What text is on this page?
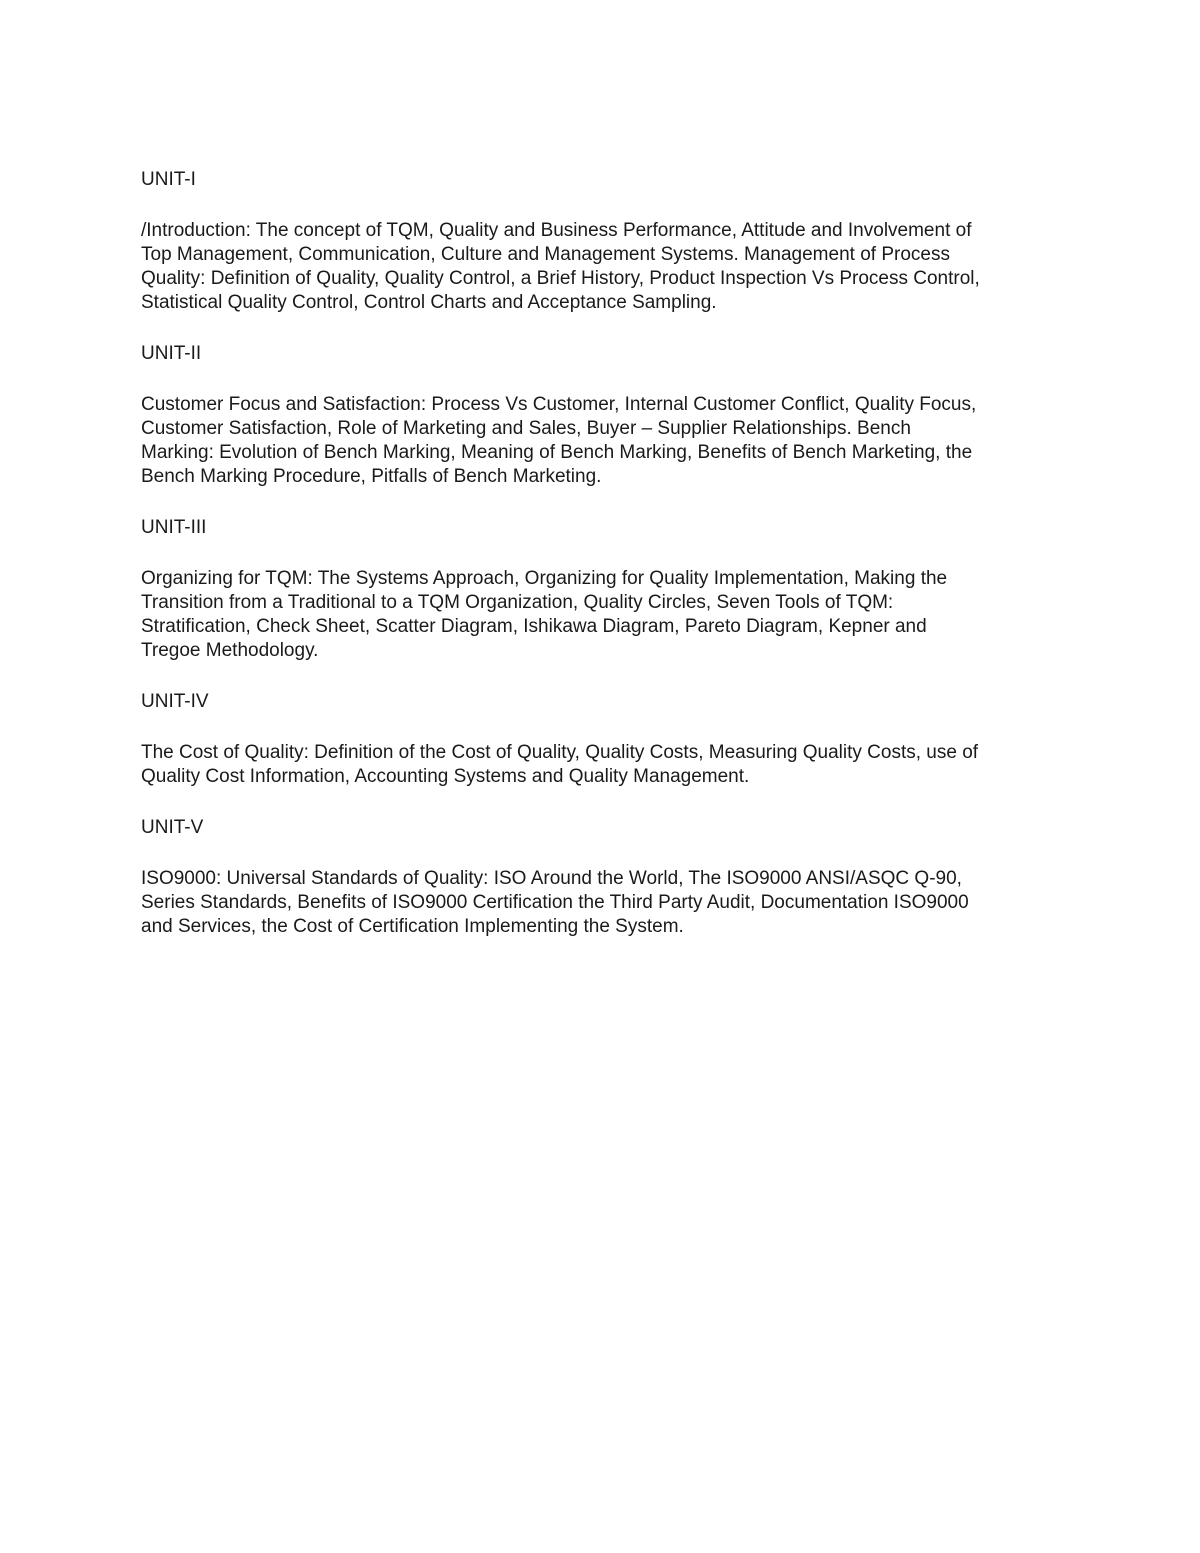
UNIT-I
/Introduction: The concept of TQM, Quality and Business Performance, Attitude and Involvement of
Top Management, Communication, Culture and Management Systems. Management of Process
Quality: Definition of Quality, Quality Control, a Brief History, Product Inspection Vs Process Control,
Statistical Quality Control, Control Charts and Acceptance Sampling.
UNIT-II
Customer Focus and Satisfaction: Process Vs Customer, Internal Customer Conflict, Quality Focus,
Customer Satisfaction, Role of Marketing and Sales, Buyer – Supplier Relationships. Bench
Marking: Evolution of Bench Marking, Meaning of Bench Marking, Benefits of Bench Marketing, the
Bench Marking Procedure, Pitfalls of Bench Marketing.
UNIT-III
Organizing for TQM: The Systems Approach, Organizing for Quality Implementation, Making the
Transition from a Traditional to a TQM Organization, Quality Circles, Seven Tools of TQM:
Stratification, Check Sheet, Scatter Diagram, Ishikawa Diagram, Pareto Diagram, Kepner and
Tregoe Methodology.
UNIT-IV
The Cost of Quality: Definition of the Cost of Quality, Quality Costs, Measuring Quality Costs, use of
Quality Cost Information, Accounting Systems and Quality Management.
UNIT-V
ISO9000: Universal Standards of Quality: ISO Around the World, The ISO9000 ANSI/ASQC Q-90,
Series Standards, Benefits of ISO9000 Certification the Third Party Audit, Documentation ISO9000
and Services, the Cost of Certification Implementing the System.
